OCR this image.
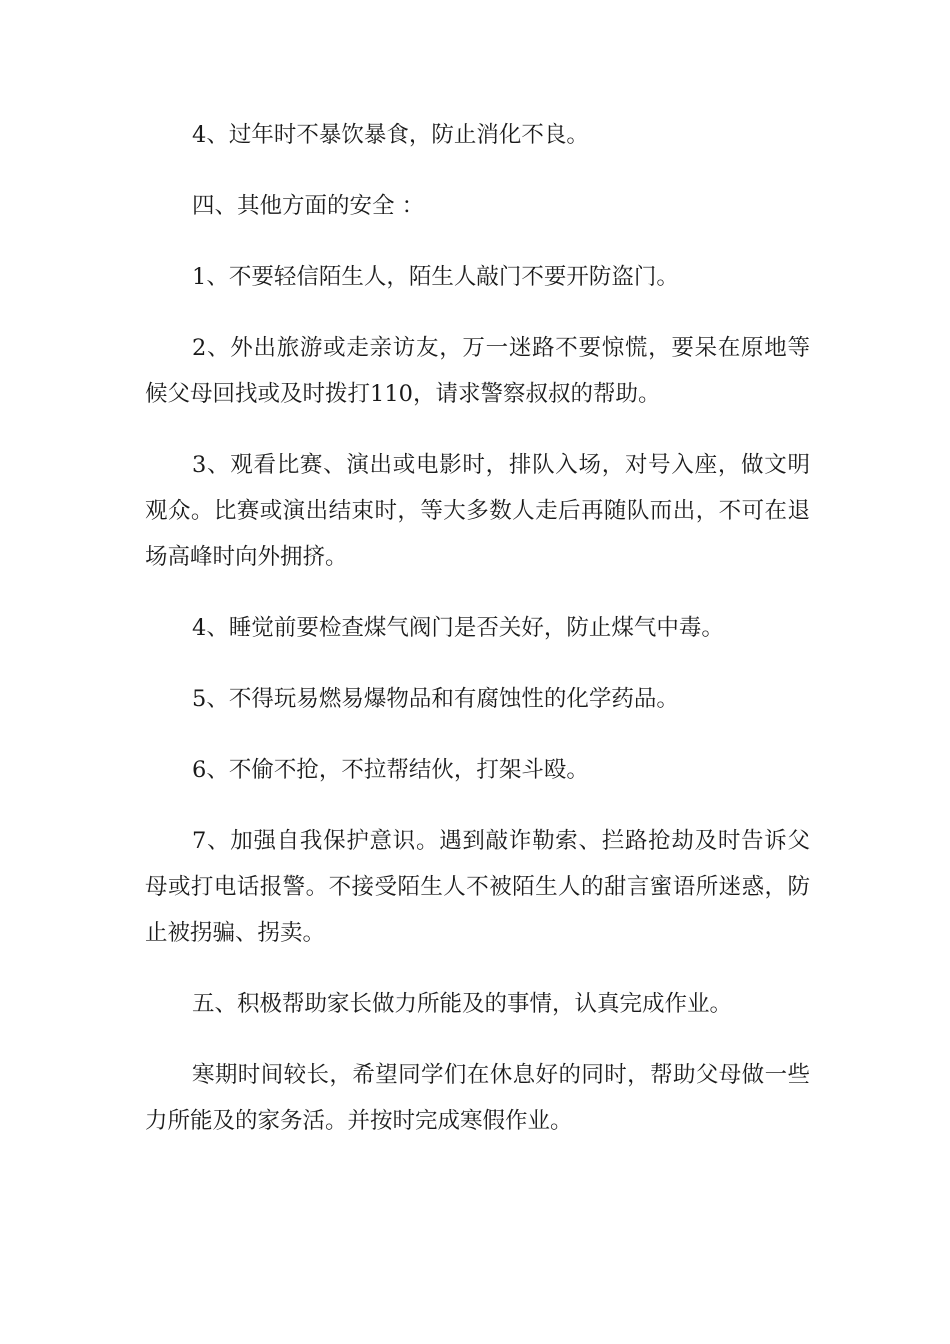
4、过年时不暴饮暴食，防止消化不良。

四、其他方面的安全 ：

1、不要轻信陌生人，陌生人敲门不要开防盗门。

2、外出旅游或走亲访友，万一迷路不要惊慌，要呆在原地等候父母回找或及时拨打110，请求警察叔叔的帮助。

3、观看比赛、演出或电影时，排队入场，对号入座，做文明观众。比赛或演出结束时，等大多数人走后再随队而出，不可在退场高峰时向外拥挤。

4、睡觉前要检查煤气阀门是否关好，防止煤气中毒。

5、不得玩易燃易爆物品和有腐蚀性的化学药品。

6、不偷不抢，不拉帮结伙，打架斗殴。

7、加强自我保护意识。遇到敲诈勒索、拦路抢劫及时告诉父母或打电话报警。不接受陌生人不被陌生人的甜言蜜语所迷惑，防止被拐骗、拐卖。

五、积极帮助家长做力所能及的事情，认真完成作业。

寒期时间较长，希望同学们在休息好的同时，帮助父母做一些力所能及的家务活。并按时完成寒假作业。
